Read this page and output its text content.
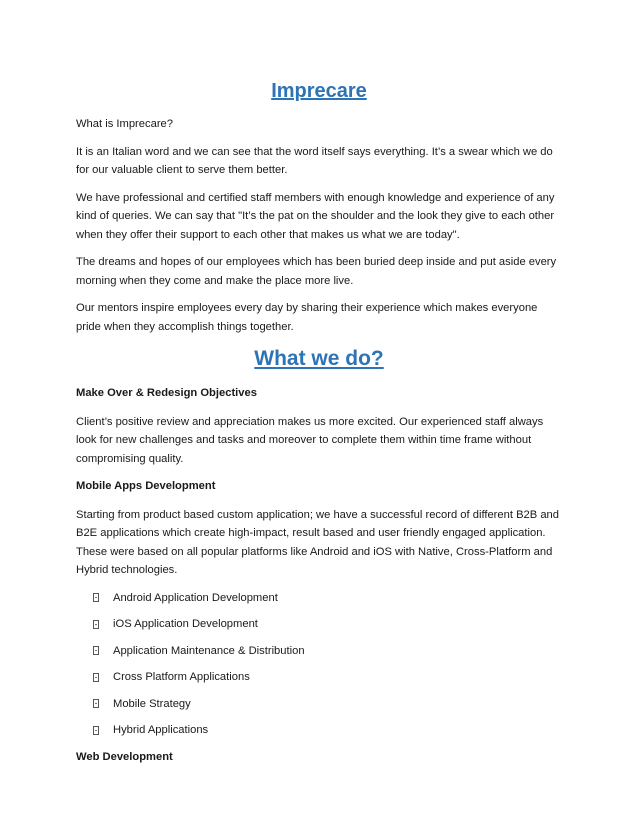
Imprecare

What is Imprecare?

It is an Italian word and we can see that the word itself says everything. It’s a swear which we do for our valuable client to serve them better.

We have professional and certified staff members with enough knowledge and experience of any kind of queries. We can say that "It’s the pat on the shoulder and the look they give to each other when they offer their support to each other that makes us what we are today".

The dreams and hopes of our employees which has been buried deep inside and put aside every morning when they come and make the place more live.

Our mentors inspire employees every day by sharing their experience which makes everyone pride when they accomplish things together.

What we do?

Make Over & Redesign Objectives

Client’s positive review and appreciation makes us more excited. Our experienced staff always look for new challenges and tasks and moreover to complete them within time frame without compromising quality.

Mobile Apps Development

Starting from product based custom application; we have a successful record of different B2B and B2E applications which create high-impact, result based and user friendly engaged application. These were based on all popular platforms like Android and iOS with Native, Cross-Platform and Hybrid technologies.

Android Application Development
iOS Application Development
Application Maintenance & Distribution
Cross Platform Applications
Mobile Strategy
Hybrid Applications

Web Development
